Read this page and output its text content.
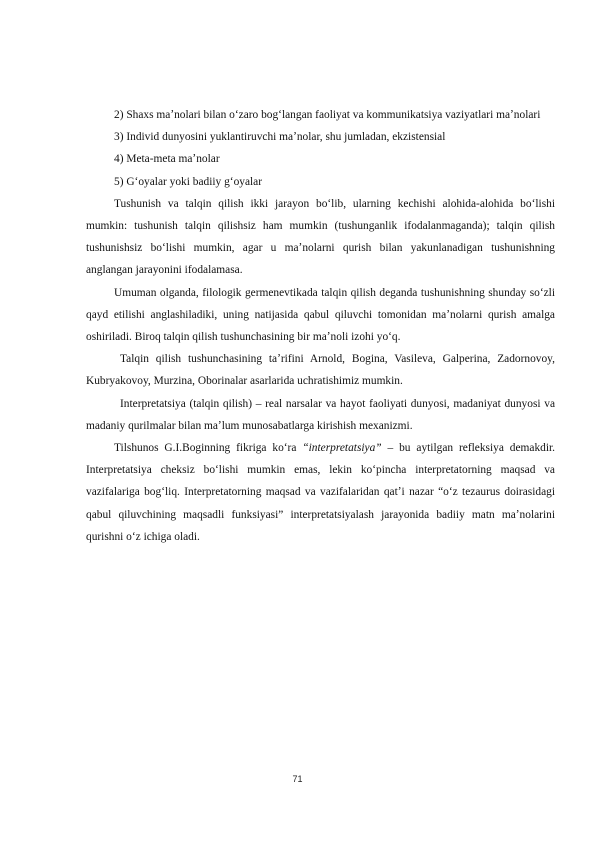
2) Shaxs maʼnolari bilan oʻzaro bogʻlangan faoliyat va kommunikatsiya vaziyatlari maʼnolari

3) Individ dunyosini yuklantiruvchi maʼnolar, shu jumladan, ekzistensial

4) Meta-meta maʼnolar

5) Gʻoyalar yoki badiiy gʻoyalar

Tushunish va talqin qilish ikki jarayon boʻlib, ularning kechishi alohida-alohida boʻlishi mumkin: tushunish talqin qilishsiz ham mumkin (tushunganlik ifodalanmaganda); talqin qilish tushunishsiz boʻlishi mumkin, agar u maʼnolarni qurish bilan yakunlanadigan tushunishning anglangan jarayonini ifodalamasa.

Umuman olganda, filologik germenevtikada talqin qilish deganda tushunishning shunday soʻzli qayd etilishi anglashiladiki, uning natijasida qabul qiluvchi tomonidan maʼnolarni qurish amalga oshiriladi. Biroq talqin qilish tushunchasining bir maʼnoli izohi yoʻq.

Talqin qilish tushunchasining taʼrifini Arnold, Bogina, Vasileva, Galperina, Zadornovoy, Kubryakovoy, Murzina, Oborinalar asarlarida uchratishimiz mumkin.

Interpretatsiya (talqin qilish) – real narsalar va hayot faoliyati dunyosi, madaniyat dunyosi va madaniy qurilmalar bilan maʼlum munosabatlarga kirishish mexanizmi.

Tilshunos G.I.Boginning fikriga koʻra “interpretatsiya” – bu aytilgan refleksiya demakdir. Interpretatsiya cheksiz boʻlishi mumkin emas, lekin koʻpincha interpretatorning maqsad va vazifalariga bogʻliq. Interpretatorning maqsad va vazifalaridan qatʼi nazar “oʻz tezaurus doirasidagi qabul qiluvchining maqsadli funksiyasi” interpretatsiyalash jarayonida badiiy matn maʼnolarini qurishni oʻz ichiga oladi.

71
